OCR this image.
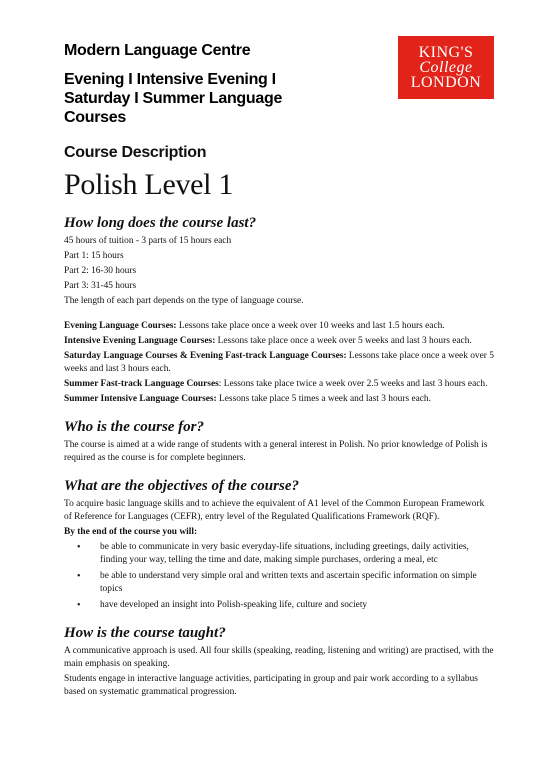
Modern Language Centre

Evening I Intensive Evening I
Saturday I Summer Language
Courses

KING'S
College
LONDON

Course Description

Polish Level 1
How long does the course last?

45 hours of tuition - 3 parts of 15 hours each

Part 1: 15 hours

Part 2: 16-30 hours

Part 3: 31-45 hours

The length of each part depends on the type of language course.

Evening Language Courses: Lessons take place once a week over 10 weeks and last 1.5 hours each.

Intensive Evening Language Courses: Lessons take place once a week over 5 weeks and last 3 hours each.

Saturday Language Courses & Evening Fast-track Language Courses: Lessons take place once a week over 5 weeks and last 3 hours each.

Summer Fast-track Language Courses: Lessons take place twice a week over 2.5 weeks and last 3 hours each.

Summer Intensive Language Courses: Lessons take place 5 times a week and last 3 hours each.

Who is the course for?

The course is aimed at a wide range of students with a general interest in Polish. No prior knowledge of Polish is required as the course is for complete beginners.

What are the objectives of the course?

To acquire basic language skills and to achieve the equivalent of A1 level of the Common European Framework of Reference for Languages (CEFR), entry level of the Regulated Qualifications Framework (RQF).

By the end of the course you will:

• be able to communicate in very basic everyday-life situations, including greetings, daily activities, finding your way, telling the time and date, making simple purchases, ordering a meal, etc
• be able to understand very simple oral and written texts and ascertain specific information on simple topics
• have developed an insight into Polish-speaking life, culture and society
How is the course taught?

A communicative approach is used. All four skills (speaking, reading, listening and writing) are practised, with the main emphasis on speaking.

Students engage in interactive language activities, participating in group and pair work according to a syllabus based on systematic grammatical progression.
